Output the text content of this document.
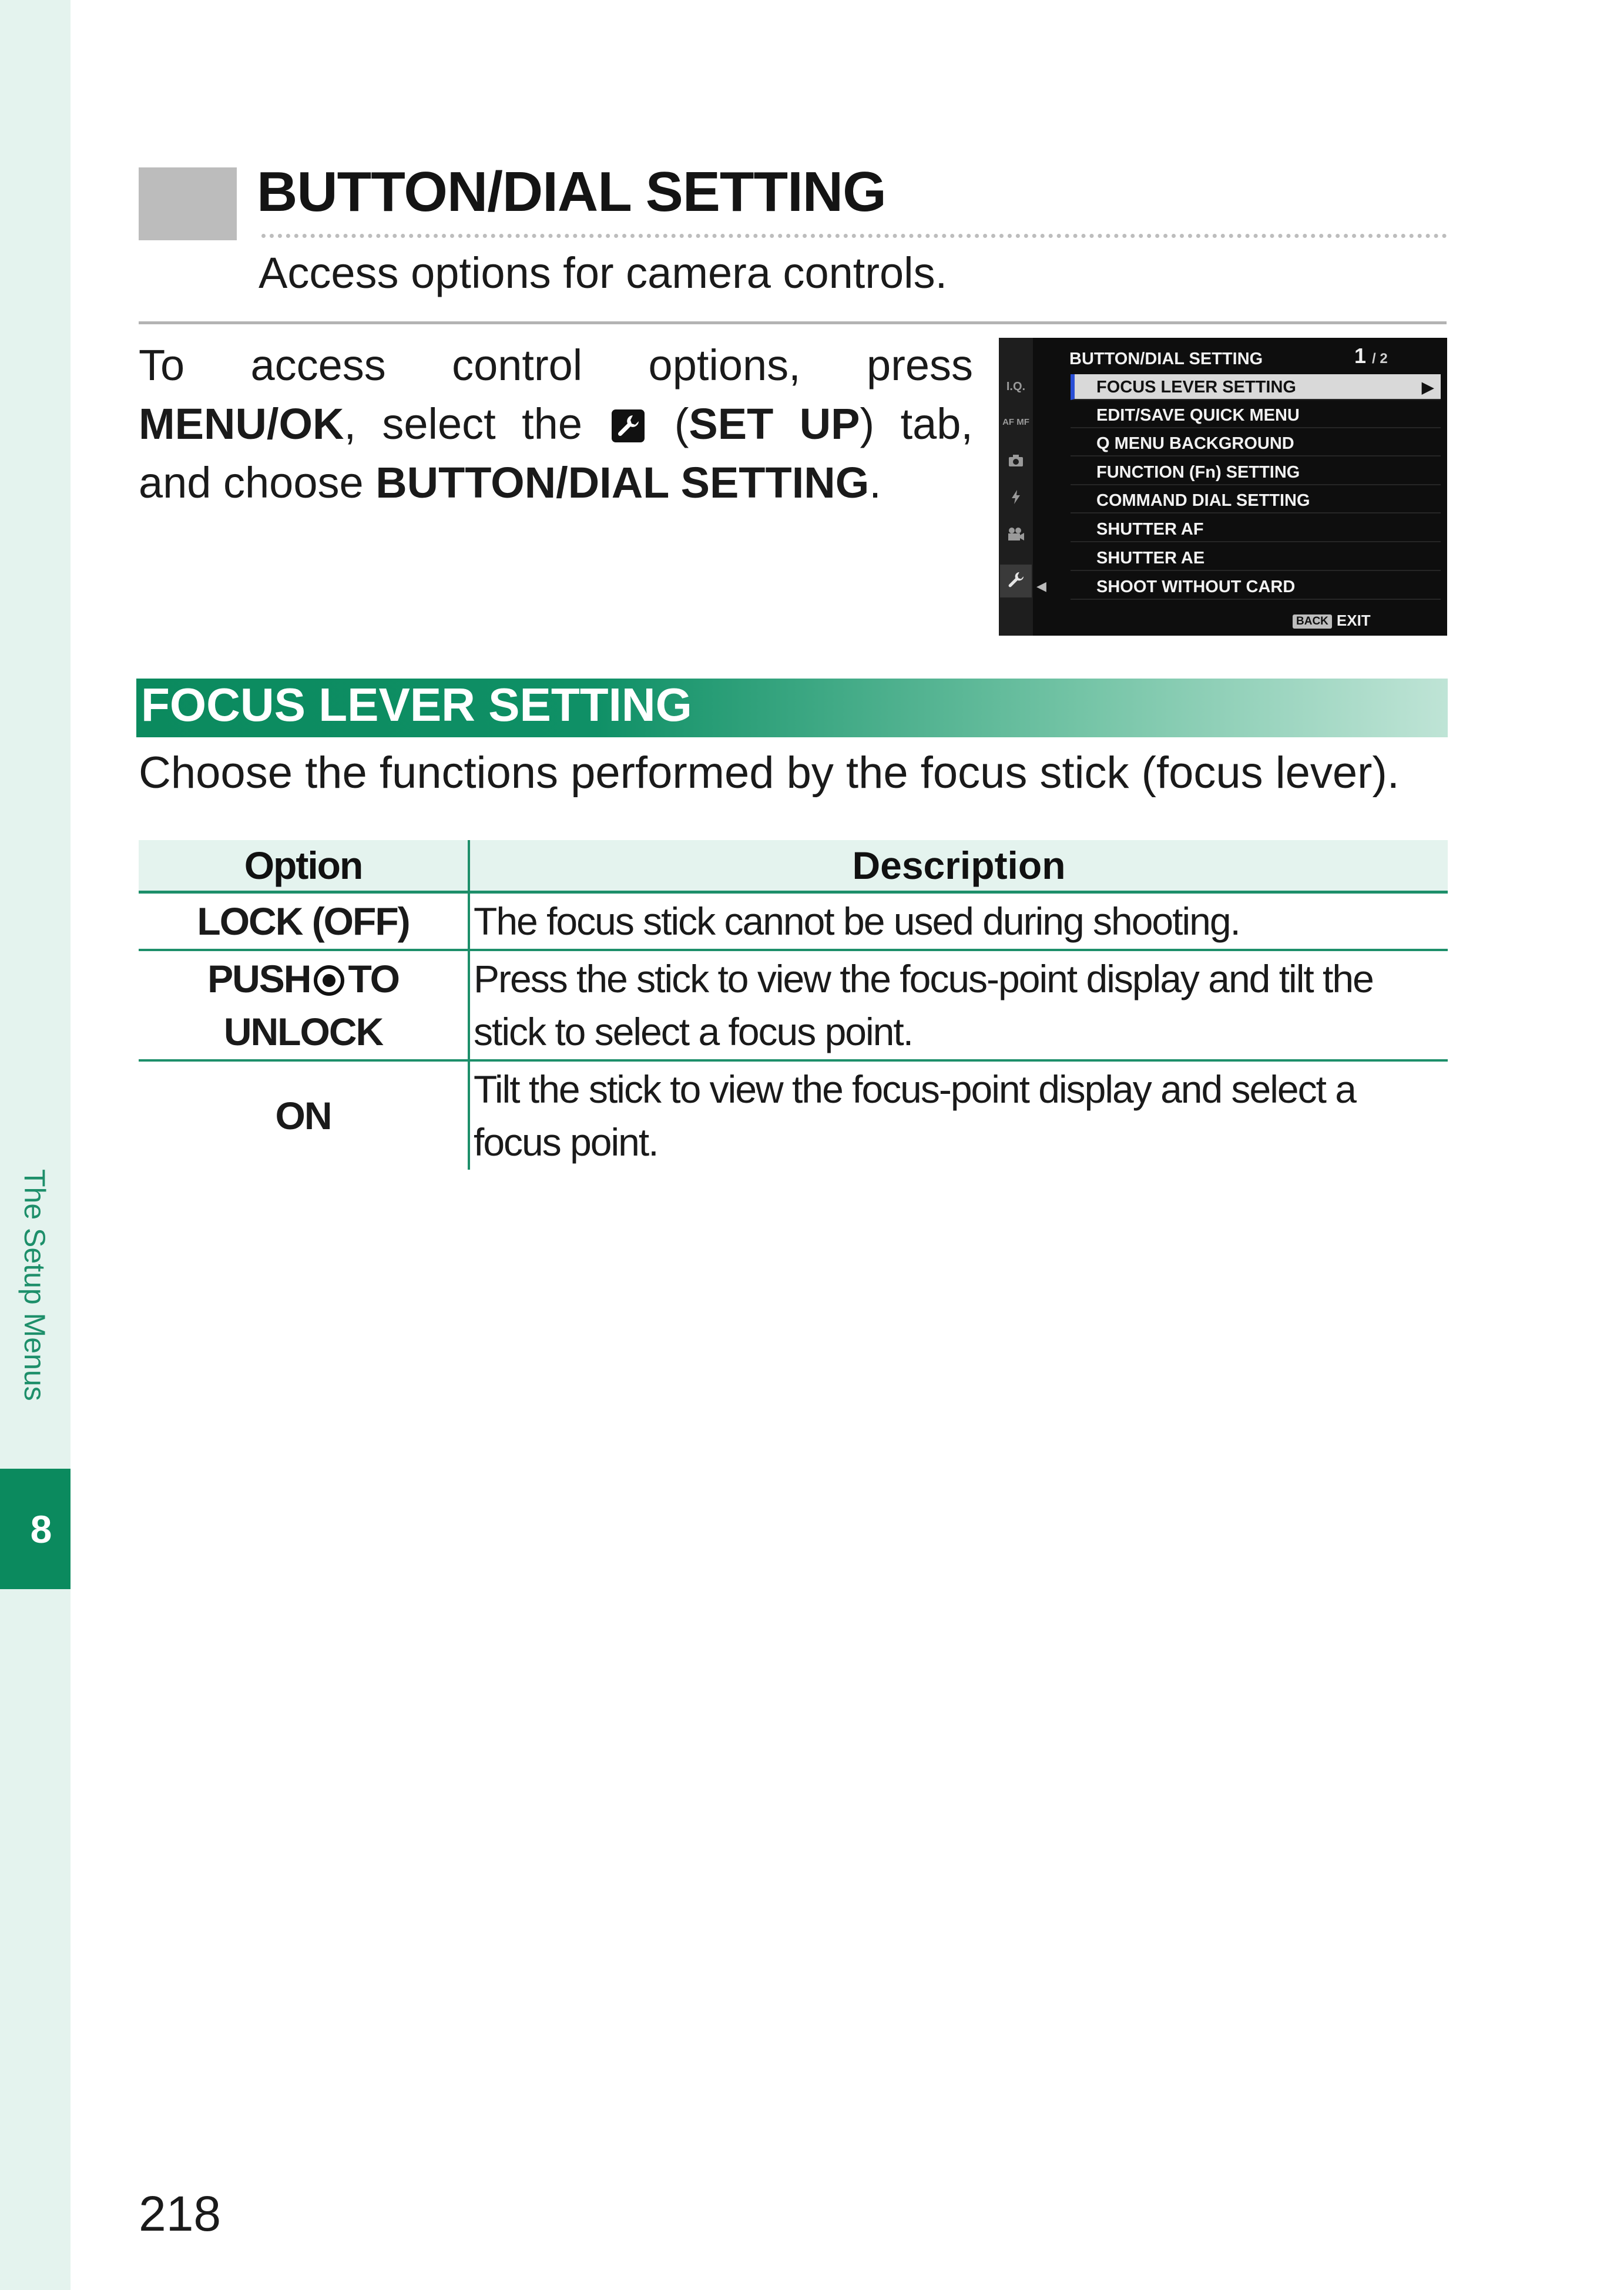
The Setup Menus
8
BUTTON/DIAL SETTING
Access options for camera controls.
To access control options, press MENU/OK, select the
(SET UP) tab, and choose BUTTON/DIAL SETTING.
I.Q.
AF MF
◀
BUTTON/DIAL SETTING	1 / 2
FOCUS LEVER SETTING	▶
EDIT/SAVE QUICK MENU
Q MENU BACKGROUND
FUNCTION (Fn) SETTING
COMMAND DIAL SETTING
SHUTTER AF
SHUTTER AE
SHOOT WITHOUT CARD
BACK EXIT
FOCUS LEVER SETTING
Choose the functions performed by the focus stick (focus lever).
Option	Description
LOCK (OFF)	The focus stick cannot be used during shooting.
PUSH TO UNLOCK	Press the stick to view the focus-point display and tilt the stick to select a focus point.
ON	Tilt the stick to view the focus-point display and select a focus point.
218
